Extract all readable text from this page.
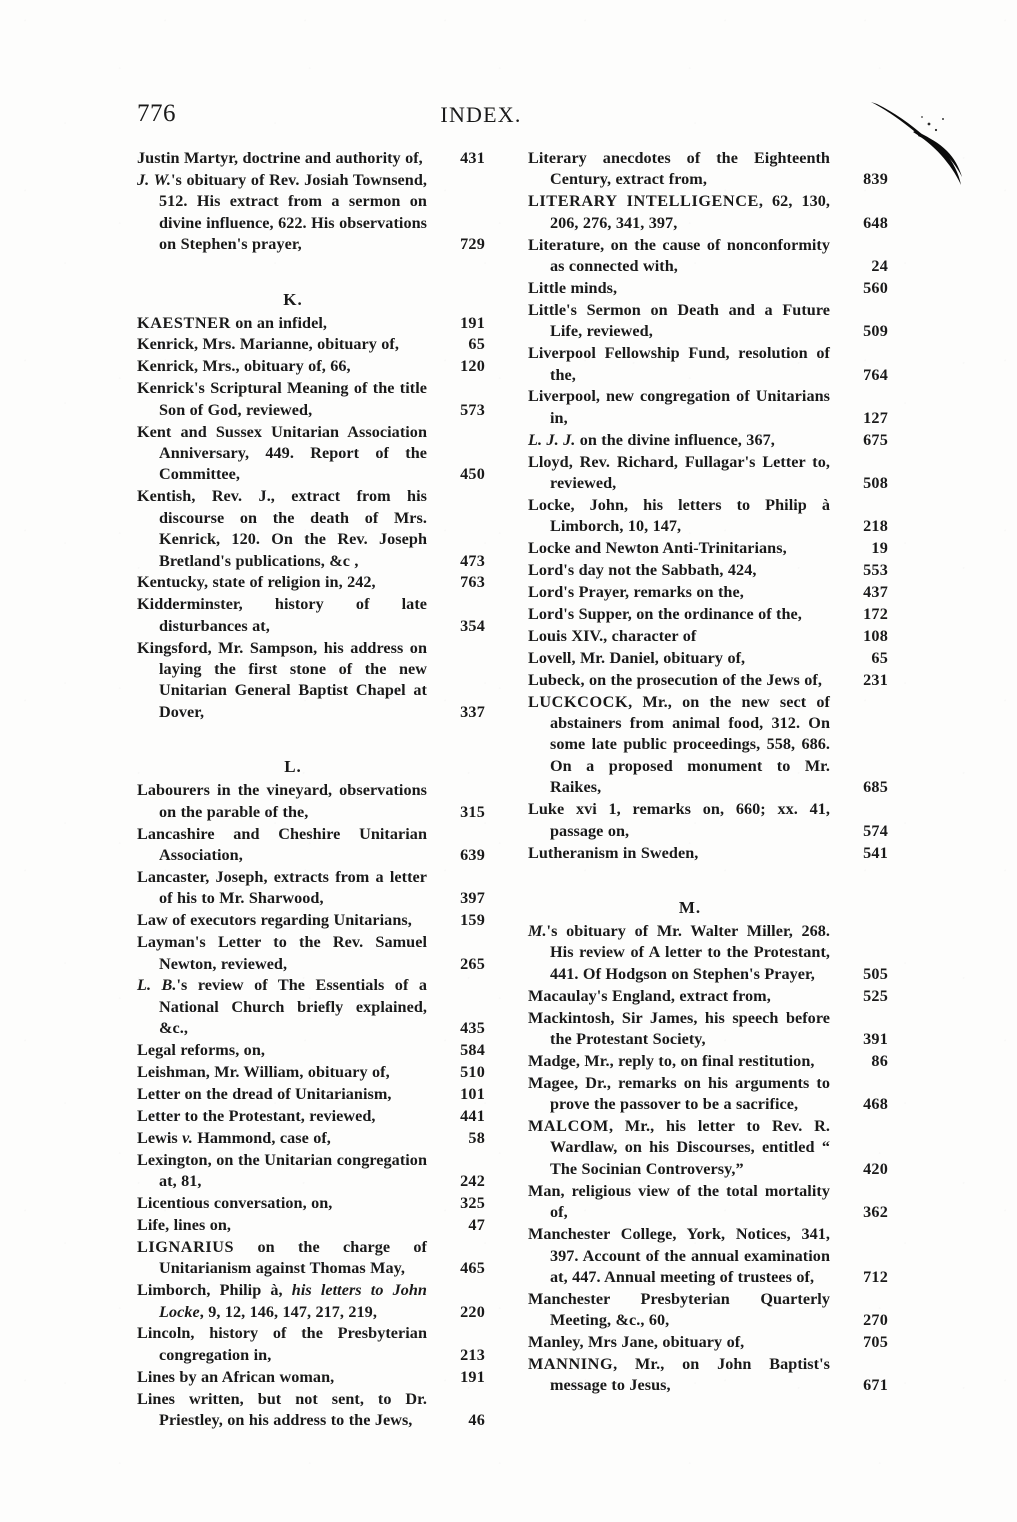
776	INDEX.
Justin Martyr, doctrine and authority of,	431
J. W.'s obituary of Rev. Josiah Townsend, 512. His extract from a sermon on divine influence, 622. His observations on Stephen's prayer,	729
K.
KAESTNER on an infidel,	191
Kenrick, Mrs. Marianne, obituary of,	65
Kenrick, Mrs., obituary of, 66,	120
Kenrick's Scriptural Meaning of the title Son of God, reviewed,	573
Kent and Sussex Unitarian Association Anniversary, 449. Report of the Committee,	450
Kentish, Rev. J., extract from his discourse on the death of Mrs. Kenrick, 120. On the Rev. Joseph Bretland's publications, &c ,	473
Kentucky, state of religion in, 242,	763
Kidderminster, history of late disturbances at,	354
Kingsford, Mr. Sampson, his address on laying the first stone of the new Unitarian General Baptist Chapel at Dover,	337
L.
Labourers in the vineyard, observations on the parable of the,	315
Lancashire and Cheshire Unitarian Association,	639
Lancaster, Joseph, extracts from a letter of his to Mr. Sharwood,	397
Law of executors regarding Unitarians,	159
Layman's Letter to the Rev. Samuel Newton, reviewed,	265
L. B.'s review of The Essentials of a National Church briefly explained, &c.,	435
Legal reforms, on,	584
Leishman, Mr. William, obituary of,	510
Letter on the dread of Unitarianism,	101
Letter to the Protestant, reviewed,	441
Lewis v. Hammond, case of,	58
Lexington, on the Unitarian congregation at, 81,	242
Licentious conversation, on,	325
Life, lines on,	47
LIGNARIUS on the charge of Unitarianism against Thomas May,	465
Limborch, Philip à, his letters to John Locke, 9, 12, 146, 147, 217, 219,	220
Lincoln, history of the Presbyterian congregation in,	213
Lines by an African woman,	191
Lines written, but not sent, to Dr. Priestley, on his address to the Jews,	46
Literary anecdotes of the Eighteenth Century, extract from,	839
LITERARY INTELLIGENCE, 62, 130, 206, 276, 341, 397,	648
Literature, on the cause of nonconformity as connected with,	24
Little minds,	560
Little's Sermon on Death and a Future Life, reviewed,	509
Liverpool Fellowship Fund, resolution of the,	764
Liverpool, new congregation of Unitarians in,	127
L. J. J. on the divine influence, 367,	675
Lloyd, Rev. Richard, Fullagar's Letter to, reviewed,	508
Locke, John, his letters to Philip à Limborch, 10, 147,	218
Locke and Newton Anti-Trinitarians,	19
Lord's day not the Sabbath, 424,	553
Lord's Prayer, remarks on the,	437
Lord's Supper, on the ordinance of the,	172
Louis XIV., character of	108
Lovell, Mr. Daniel, obituary of,	65
Lubeck, on the prosecution of the Jews of,	231
LUCKCOCK, Mr., on the new sect of abstainers from animal food, 312. On some late public proceedings, 558, 686. On a proposed monument to Mr. Raikes,	685
Luke xvi 1, remarks on, 660; xx. 41, passage on,	574
Lutheranism in Sweden,	541
M.
M.'s obituary of Mr. Walter Miller, 268. His review of A letter to the Protestant, 441. Of Hodgson on Stephen's Prayer,	505
Macaulay's England, extract from,	525
Mackintosh, Sir James, his speech before the Protestant Society,	391
Madge, Mr., reply to, on final restitution,	86
Magee, Dr., remarks on his arguments to prove the passover to be a sacrifice,	468
MALCOM, Mr., his letter to Rev. R. Wardlaw, on his Discourses, entitled “ The Socinian Controversy,”	420
Man, religious view of the total mortality of,	362
Manchester College, York, Notices, 341, 397. Account of the annual examination at, 447. Annual meeting of trustees of,	712
Manchester Presbyterian Quarterly Meeting, &c., 60,	270
Manley, Mrs Jane, obituary of,	705
MANNING, Mr., on John Baptist's message to Jesus,	671
